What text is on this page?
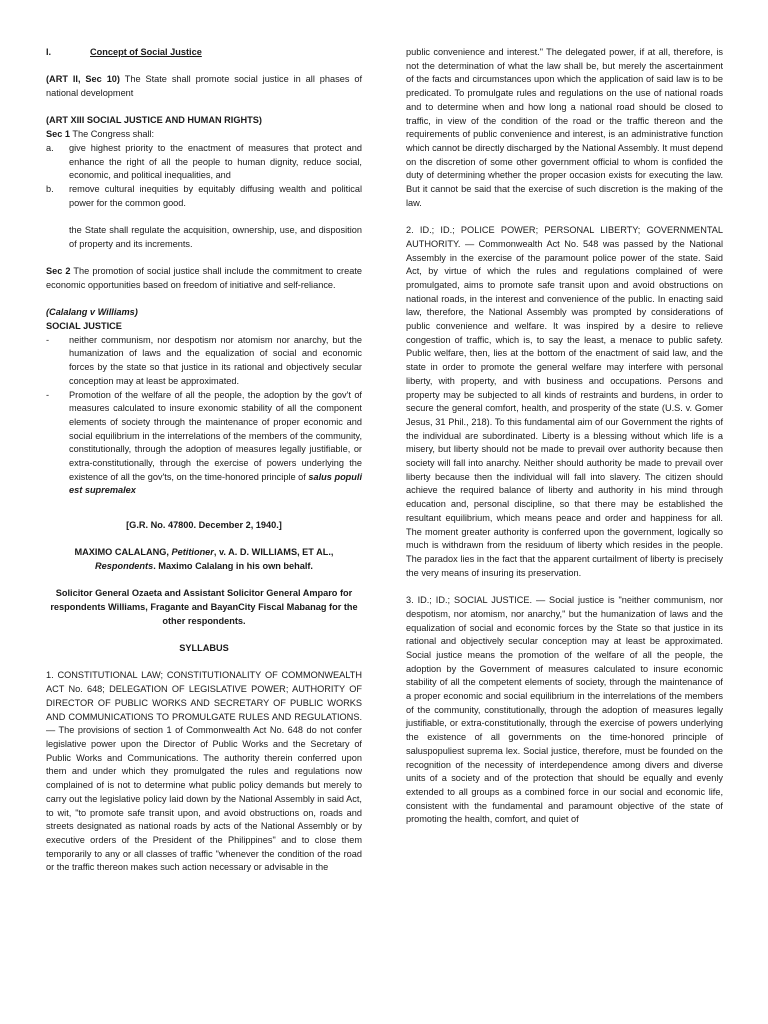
I.	Concept of Social Justice

(ART II, Sec 10) The State shall promote social justice in all phases of national development

(ART XIII SOCIAL JUSTICE AND HUMAN RIGHTS)

Sec 1 The Congress shall:

a. give highest priority to the enactment of measures that protect and enhance the right of all the people to human dignity, reduce social, economic, and political inequalities, and
b. remove cultural inequities by equitably diffusing wealth and political power for the common good.

the State shall regulate the acquisition, ownership, use, and disposition of property and its increments.

Sec 2 The promotion of social justice shall include the commitment to create economic opportunities based on freedom of initiative and self-reliance.

(Calalang v Williams)

SOCIAL JUSTICE

- neither communism, nor despotism nor atomism nor anarchy, but the humanization of laws and the equalization of social and economic forces by the state so that justice in its rational and objectively secular conception may at least be approximated.
- Promotion of the welfare of all the people, the adoption by the gov't of measures calculated to insure exonomic stability of all the component elements of society through the maintenance of proper economic and social equilibrium in the interrelations of the members of the community, constitutionally, through the adoption of measures legally justifiable, or extra-constitutionally, through the exercise of powers underlying the existence of all the gov'ts, on the time-honored principle of salus populi est supremalex

[G.R. No. 47800. December 2, 1940.]

MAXIMO CALALANG, Petitioner, v. A. D. WILLIAMS, ET AL., Respondents. Maximo Calalang in his own behalf.

Solicitor General Ozaeta and Assistant Solicitor General Amparo for respondents Williams, Fragante and BayanCity Fiscal Mabanag for the other respondents.

SYLLABUS

1. CONSTITUTIONAL LAW; CONSTITUTIONALITY OF COMMONWEALTH ACT No. 648; DELEGATION OF LEGISLATIVE POWER; AUTHORITY OF DIRECTOR OF PUBLIC WORKS AND SECRETARY OF PUBLIC WORKS AND COMMUNICATIONS TO PROMULGATE RULES AND REGULATIONS. — The provisions of section 1 of Commonwealth Act No. 648 do not confer legislative power upon the Director of Public Works and the Secretary of Public Works and Communications. The authority therein conferred upon them and under which they promulgated the rules and regulations now complained of is not to determine what public policy demands but merely to carry out the legislative policy laid down by the National Assembly in said Act, to wit, "to promote safe transit upon, and avoid obstructions on, roads and streets designated as national roads by acts of the National Assembly or by executive orders of the President of the Philippines" and to close them temporarily to any or all classes of traffic "whenever the condition of the road or the traffic thereon makes such action necessary or advisable in the

public convenience and interest." The delegated power, if at all, therefore, is not the determination of what the law shall be, but merely the ascertainment of the facts and circumstances upon which the application of said law is to be predicated. To promulgate rules and regulations on the use of national roads and to determine when and how long a national road should be closed to traffic, in view of the condition of the road or the traffic thereon and the requirements of public convenience and interest, is an administrative function which cannot be directly discharged by the National Assembly. It must depend on the discretion of some other government official to whom is confided the duty of determining whether the proper occasion exists for executing the law. But it cannot be said that the exercise of such discretion is the making of the law.

2. ID.; ID.; POLICE POWER; PERSONAL LIBERTY; GOVERNMENTAL AUTHORITY. — Commonwealth Act No. 548 was passed by the National Assembly in the exercise of the paramount police power of the state. Said Act, by virtue of which the rules and regulations complained of were promulgated, aims to promote safe transit upon and avoid obstructions on national roads, in the interest and convenience of the public. In enacting said law, therefore, the National Assembly was prompted by considerations of public convenience and welfare. It was inspired by a desire to relieve congestion of traffic, which is, to say the least, a menace to public safety. Public welfare, then, lies at the bottom of the enactment of said law, and the state in order to promote the general welfare may interfere with personal liberty, with property, and with business and occupations. Persons and property may be subjected to all kinds of restraints and burdens, in order to secure the general comfort, health, and prosperity of the state (U.S. v. Gomer Jesus, 31 Phil., 218). To this fundamental aim of our Government the rights of the individual are subordinated. Liberty is a blessing without which life is a misery, but liberty should not be made to prevail over authority because then society will fall into anarchy. Neither should authority be made to prevail over liberty because then the individual will fall into slavery. The citizen should achieve the required balance of liberty and authority in his mind through education and, personal discipline, so that there may be established the resultant equilibrium, which means peace and order and happiness for all. The moment greater authority is conferred upon the government, logically so much is withdrawn from the residuum of liberty which resides in the people. The paradox lies in the fact that the apparent curtailment of liberty is precisely the very means of insuring its preservation.

3. ID.; ID.; SOCIAL JUSTICE. — Social justice is "neither communism, nor despotism, nor atomism, nor anarchy," but the humanization of laws and the equalization of social and economic forces by the State so that justice in its rational and objectively secular conception may at least be approximated. Social justice means the promotion of the welfare of all the people, the adoption by the Government of measures calculated to insure economic stability of all the competent elements of society, through the maintenance of a proper economic and social equilibrium in the interrelations of the members of the community, constitutionally, through the adoption of measures legally justifiable, or extra-constitutionally, through the exercise of powers underlying the existence of all governments on the time-honored principle of saluspopuliest suprema lex. Social justice, therefore, must be founded on the recognition of the necessity of interdependence among divers and diverse units of a society and of the protection that should be equally and evenly extended to all groups as a combined force in our social and economic life, consistent with the fundamental and paramount objective of the state of promoting the health, comfort, and quiet of
